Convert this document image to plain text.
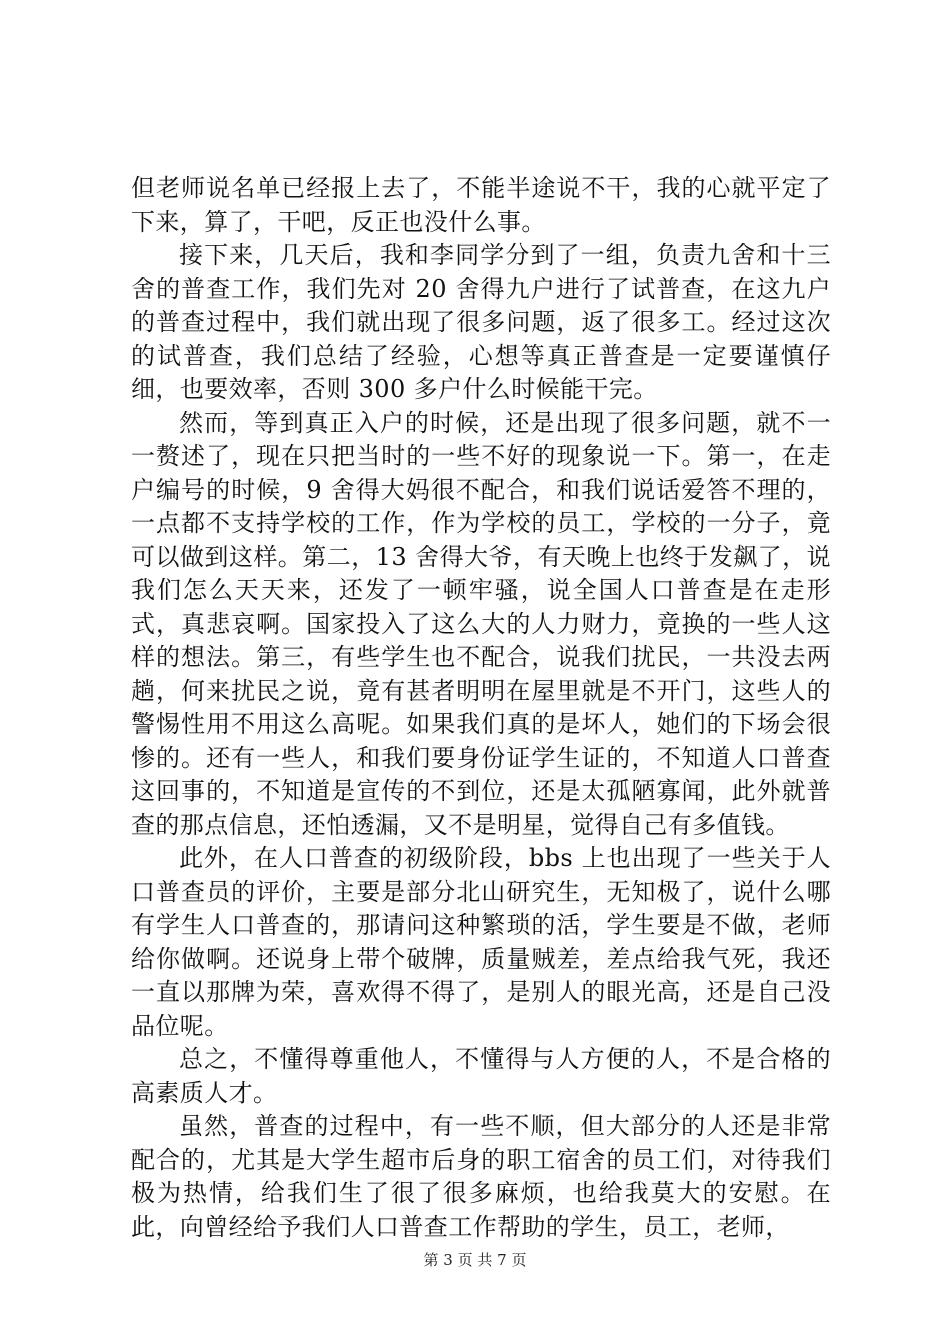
但老师说名单已经报上去了，不能半途说不干，我的心就平定了下来，算了，干吧，反正也没什么事。

接下来，几天后，我和李同学分到了一组，负责九舍和十三舍的普查工作，我们先对 20 舍得九户进行了试普查，在这九户的普查过程中，我们就出现了很多问题，返了很多工。经过这次的试普查，我们总结了经验，心想等真正普查是一定要谨慎仔细，也要效率，否则 300 多户什么时候能干完。

然而，等到真正入户的时候，还是出现了很多问题，就不一一赘述了，现在只把当时的一些不好的现象说一下。第一，在走户编号的时候，9 舍得大妈很不配合，和我们说话爱答不理的，一点都不支持学校的工作，作为学校的员工，学校的一分子，竟可以做到这样。第二，13 舍得大爷，有天晚上也终于发飙了，说我们怎么天天来，还发了一顿牢骚，说全国人口普查是在走形式，真悲哀啊。国家投入了这么大的人力财力，竟换的一些人这样的想法。第三，有些学生也不配合，说我们扰民，一共没去两趟，何来扰民之说，竟有甚者明明在屋里就是不开门，这些人的警惕性用不用这么高呢。如果我们真的是坏人，她们的下场会很惨的。还有一些人，和我们要身份证学生证的，不知道人口普查这回事的，不知道是宣传的不到位，还是太孤陋寡闻，此外就普查的那点信息，还怕透漏，又不是明星，觉得自己有多值钱。

此外，在人口普查的初级阶段，bbs 上也出现了一些关于人口普查员的评价，主要是部分北山研究生，无知极了，说什么哪有学生人口普查的，那请问这种繁琐的活，学生要是不做，老师给你做啊。还说身上带个破牌，质量贼差，差点给我气死，我还一直以那牌为荣，喜欢得不得了，是别人的眼光高，还是自己没品位呢。

总之，不懂得尊重他人，不懂得与人方便的人，不是合格的高素质人才。

虽然，普查的过程中，有一些不顺，但大部分的人还是非常配合的，尤其是大学生超市后身的职工宿舍的员工们，对待我们极为热情，给我们生了很了很多麻烦，也给我莫大的安慰。在此，向曾经给予我们人口普查工作帮助的学生，员工，老师，

第 3 页 共 7 页
